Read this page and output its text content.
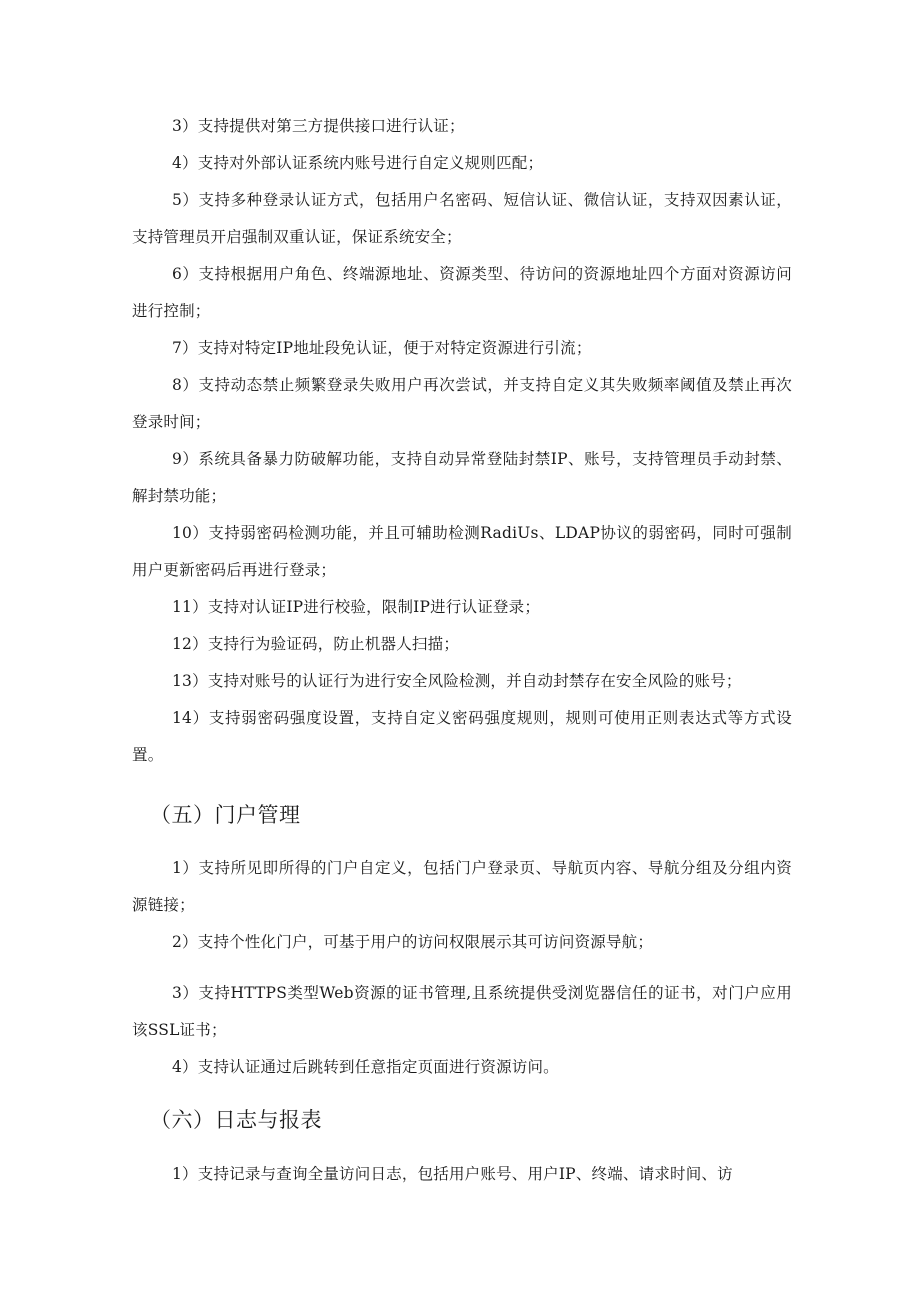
3）支持提供对第三方提供接口进行认证；

4）支持对外部认证系统内账号进行自定义规则匹配；

5）支持多种登录认证方式，包括用户名密码、短信认证、微信认证，支持双因素认证，支持管理员开启强制双重认证，保证系统安全；

6）支持根据用户角色、终端源地址、资源类型、待访问的资源地址四个方面对资源访问进行控制；

7）支持对特定IP地址段免认证，便于对特定资源进行引流；

8）支持动态禁止频繁登录失败用户再次尝试，并支持自定义其失败频率阈值及禁止再次登录时间；

9）系统具备暴力防破解功能，支持自动异常登陆封禁IP、账号，支持管理员手动封禁、解封禁功能；

10）支持弱密码检测功能，并且可辅助检测RadiUs、LDAP协议的弱密码，同时可强制用户更新密码后再进行登录；

11）支持对认证IP进行校验，限制IP进行认证登录；

12）支持行为验证码，防止机器人扫描；

13）支持对账号的认证行为进行安全风险检测，并自动封禁存在安全风险的账号；

14）支持弱密码强度设置，支持自定义密码强度规则，规则可使用正则表达式等方式设置。

（五）门户管理

1）支持所见即所得的门户自定义，包括门户登录页、导航页内容、导航分组及分组内资源链接；

2）支持个性化门户，可基于用户的访问权限展示其可访问资源导航；

3）支持HTTPS类型Web资源的证书管理,且系统提供受浏览器信任的证书，对门户应用该SSL证书；

4）支持认证通过后跳转到任意指定页面进行资源访问。

（六）日志与报表

1）支持记录与查询全量访问日志，包括用户账号、用户IP、终端、请求时间、访
